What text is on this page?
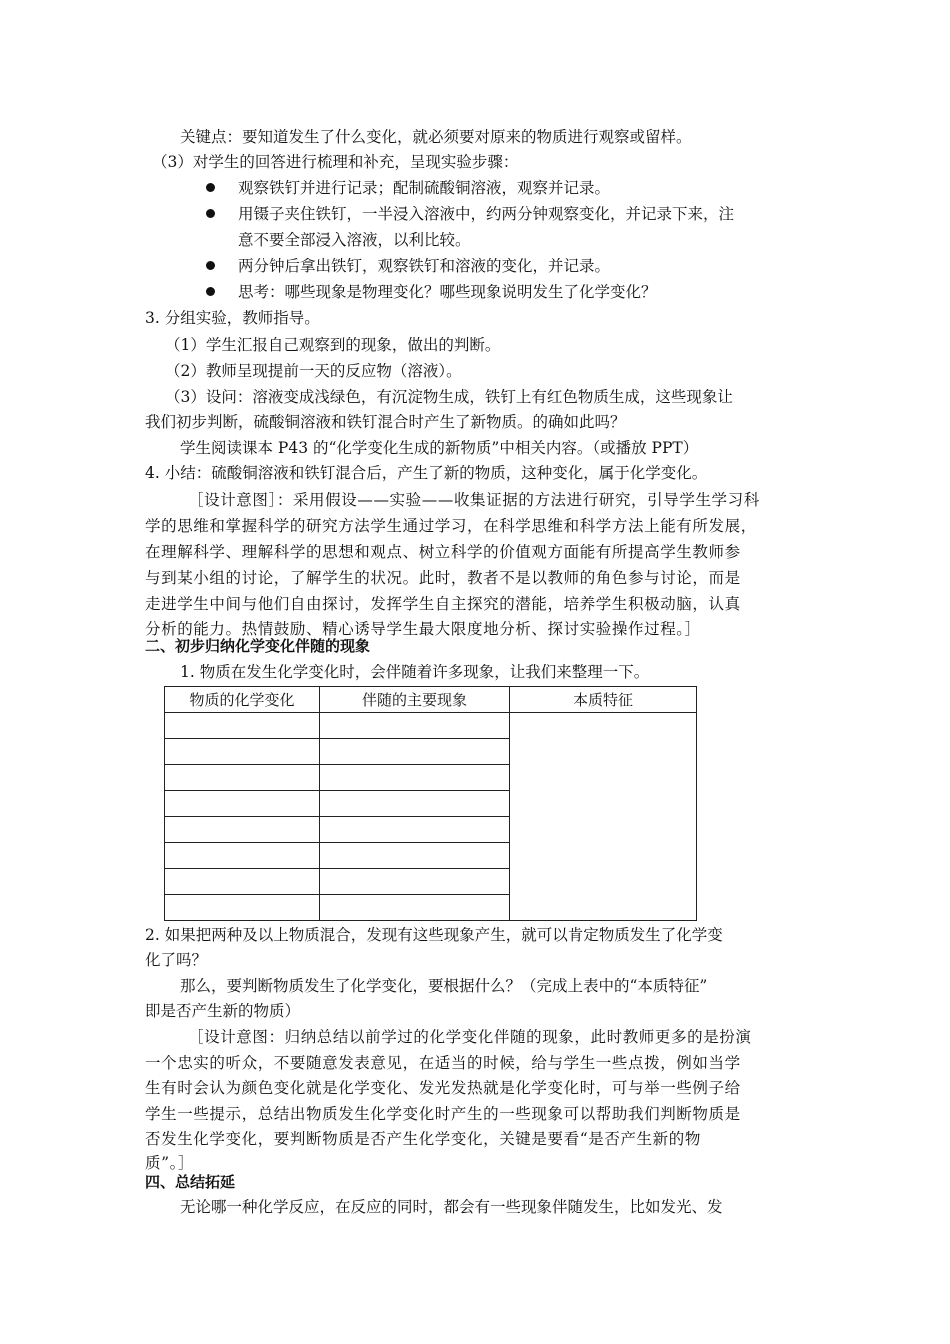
关键点：要知道发生了什么变化，就必须要对原来的物质进行观察或留样。
（3）对学生的回答进行梳理和补充，呈现实验步骤：
观察铁钉并进行记录；配制硫酸铜溶液，观察并记录。
用镊子夹住铁钉，一半浸入溶液中，约两分钟观察变化，并记录下来，注
意不要全部浸入溶液，以利比较。
两分钟后拿出铁钉，观察铁钉和溶液的变化，并记录。
思考：哪些现象是物理变化？哪些现象说明发生了化学变化？
3. 分组实验，教师指导。
（1）学生汇报自己观察到的现象，做出的判断。
（2）教师呈现提前一天的反应物（溶液）。
（3）设问：溶液变成浅绿色，有沉淀物生成，铁钉上有红色物质生成，这些现象让
我们初步判断，硫酸铜溶液和铁钉混合时产生了新物质。的确如此吗？
学生阅读课本 P43 的“化学变化生成的新物质”中相关内容。（或播放 PPT）
4. 小结：硫酸铜溶液和铁钉混合后，产生了新的物质，这种变化，属于化学变化。
［设计意图］：采用假设——实验——收集证据的方法进行研究，引导学生学习科
学的思维和掌握科学的研究方法学生通过学习，在科学思维和科学方法上能有所发展，
在理解科学、理解科学的思想和观点、树立科学的价值观方面能有所提高学生教师参
与到某小组的讨论，了解学生的状况。此时，教者不是以教师的角色参与讨论，而是
走进学生中间与他们自由探讨，发挥学生自主探究的潜能，培养学生积极动脑，认真
分析的能力。热情鼓励、精心诱导学生最大限度地分析、探讨实验操作过程。］
二、初步归纳化学变化伴随的现象
1. 物质在发生化学变化时，会伴随着许多现象，让我们来整理一下。
物质的化学变化	伴随的主要现象	本质特征

2. 如果把两种及以上物质混合，发现有这些现象产生，就可以肯定物质发生了化学变
化了吗？
那么，要判断物质发生了化学变化，要根据什么？（完成上表中的“本质特征”
即是否产生新的物质）
［设计意图：归纳总结以前学过的化学变化伴随的现象，此时教师更多的是扮演
一个忠实的听众，不要随意发表意见，在适当的时候，给与学生一些点拨，例如当学
生有时会认为颜色变化就是化学变化、发光发热就是化学变化时，可与举一些例子给
学生一些提示，总结出物质发生化学变化时产生的一些现象可以帮助我们判断物质是
否发生化学变化，要判断物质是否产生化学变化，关键是要看“是否产生新的物
质”。］
四、总结拓延
无论哪一种化学反应，在反应的同时，都会有一些现象伴随发生，比如发光、发
